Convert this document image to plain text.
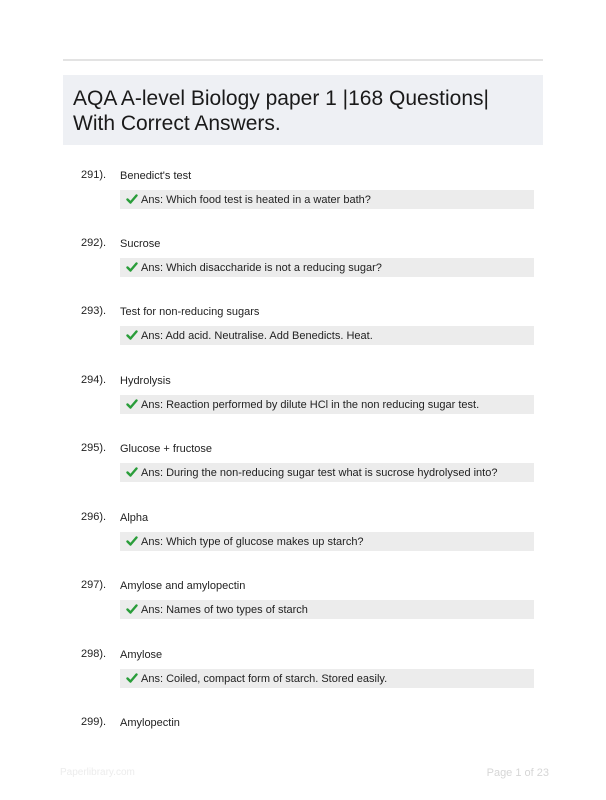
AQA A-level Biology paper 1 |168 Questions| With Correct Answers.
291). Benedict's test
Ans: Which food test is heated in a water bath?
292). Sucrose
Ans: Which disaccharide is not a reducing sugar?
293). Test for non-reducing sugars
Ans: Add acid. Neutralise. Add Benedicts. Heat.
294). Hydrolysis
Ans: Reaction performed by dilute HCl in the non reducing sugar test.
295). Glucose + fructose
Ans: During the non-reducing sugar test what is sucrose hydrolysed into?
296). Alpha
Ans: Which type of glucose makes up starch?
297). Amylose and amylopectin
Ans: Names of two types of starch
298). Amylose
Ans: Coiled, compact form of starch. Stored easily.
299). Amylopectin
Paperlibrary.com	Page 1 of 23
